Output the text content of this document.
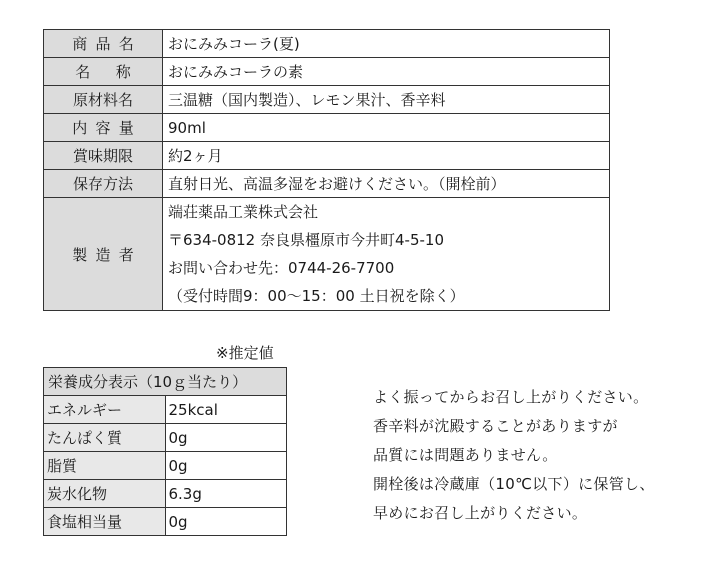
商品名	おにみみコーラ(夏)
名称	おにみみコーラの素
原材料名	三温糖（国内製造）、レモン果汁、香辛料
内容量	90ml
賞味期限	約2ヶ月
保存方法	直射日光、高温多湿をお避けください。（開栓前）
製造者	端荘薬品工業株式会社
〒634-0812 奈良県橿原市今井町4-5-10
お問い合わせ先：0744-26-7700
（受付時間9：00～15：00 土日祝を除く）
※推定値
栄養成分表示（10ｇ当たり）	
エネルギー	25kcal
たんぱく質	0g
脂質	0g
炭水化物	6.3g
食塩相当量	0g
よく振ってからお召し上がりください。
香辛料が沈殿することがありますが
品質には問題ありません。
開栓後は冷蔵庫（10℃以下）に保管し、
早めにお召し上がりください。
